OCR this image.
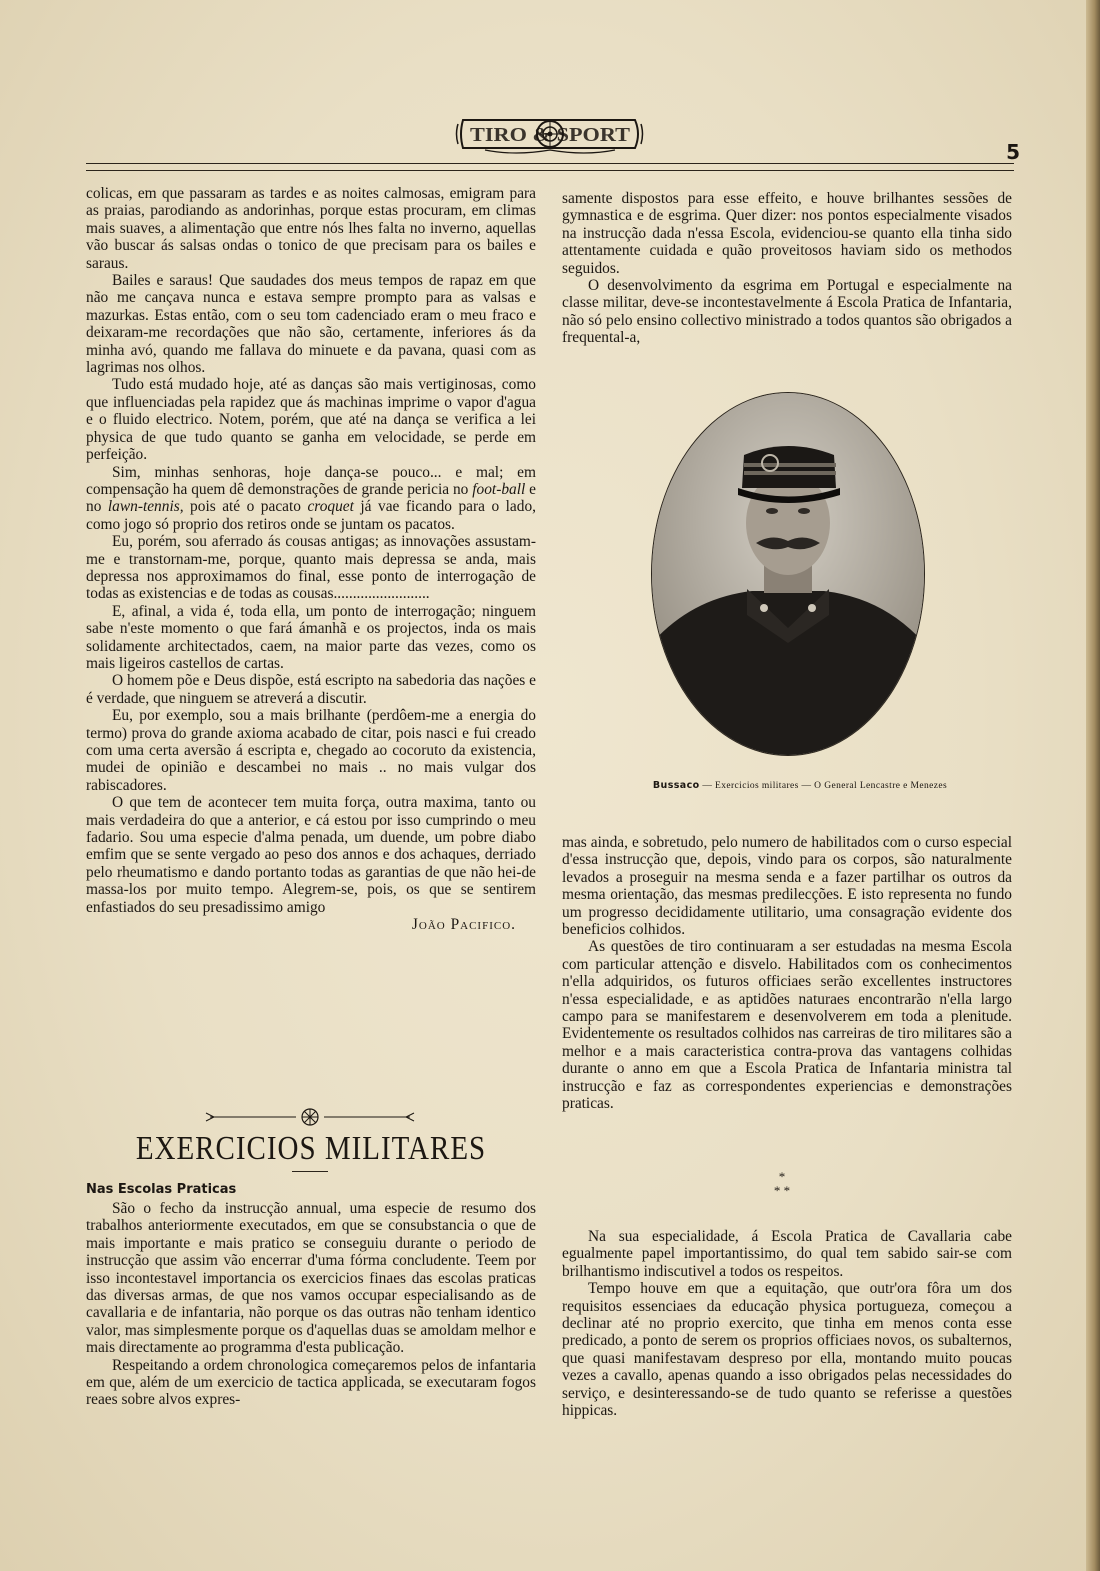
TIRO & SPORT
5

colicas, em que passaram as tardes e as noites calmosas, emigram para as praias, parodiando as andorinhas, porque estas procuram, em climas mais suaves, a alimentação que entre nós lhes falta no inverno, aquellas vão buscar ás salsas ondas o tonico de que precisam para os bailes e saraus.

Bailes e saraus! Que saudades dos meus tempos de rapaz em que não me cançava nunca e estava sempre prompto para as valsas e mazurkas. Estas então, com o seu tom cadenciado eram o meu fraco e deixaram-me recordações que não são, certamente, inferiores ás da minha avó, quando me fallava do minuete e da pavana, quasi com as lagrimas nos olhos.

Tudo está mudado hoje, até as danças são mais vertiginosas, como que influenciadas pela rapidez que ás machinas imprime o vapor d'agua e o fluido electrico. Notem, porém, que até na dança se verifica a lei physica de que tudo quanto se ganha em velocidade, se perde em perfeição.

Sim, minhas senhoras, hoje dança-se pouco... e mal; em compensação ha quem dê demonstrações de grande pericia no foot-ball e no lawn-tennis, pois até o pacato croquet já vae ficando para o lado, como jogo só proprio dos retiros onde se juntam os pacatos.

Eu, porém, sou aferrado ás cousas antigas; as innovações assustam-me e transtornam-me, porque, quanto mais depressa se anda, mais depressa nos approximamos do final, esse ponto de interrogação de todas as existencias e de todas as cousas.........................

E, afinal, a vida é, toda ella, um ponto de interrogação; ninguem sabe n'este momento o que fará ámanhã e os projectos, inda os mais solidamente architectados, caem, na maior parte das vezes, como os mais ligeiros castellos de cartas.

O homem põe e Deus dispõe, está escripto na sabedoria das nações e é verdade, que ninguem se atreverá a discutir.

Eu, por exemplo, sou a mais brilhante (perdôem-me a energia do termo) prova do grande axioma acabado de citar, pois nasci e fui creado com uma certa aversão á escripta e, chegado ao cocoruto da existencia, mudei de opinião e descambei no mais .. no mais vulgar dos rabiscadores.

O que tem de acontecer tem muita força, outra maxima, tanto ou mais verdadeira do que a anterior, e cá estou por isso cumprindo o meu fadario. Sou uma especie d'alma penada, um duende, um pobre diabo emfim que se sente vergado ao peso dos annos e dos achaques, derriado pelo rheumatismo e dando portanto todas as garantias de que não hei-de massa-los por muito tempo. Alegrem-se, pois, os que se sentirem enfastiados do seu presadissimo amigo

João Pacifico.

EXERCICIOS MILITARES
Nas Escolas Praticas

São o fecho da instrucção annual, uma especie de resumo dos trabalhos anteriormente executados, em que se consubstancia o que de mais importante e mais pratico se conseguiu durante o periodo de instrucção que assim vão encerrar d'uma fórma concludente. Teem por isso incontestavel importancia os exercicios finaes das escolas praticas das diversas armas, de que nos vamos occupar especialisando as de cavallaria e de infantaria, não porque os das outras não tenham identico valor, mas simplesmente porque os d'aquellas duas se amoldam melhor e mais directamente ao programma d'esta publicação.

Respeitando a ordem chronologica começaremos pelos de infantaria em que, além de um exercicio de tactica applicada, se executaram fogos reaes sobre alvos expres-

samente dispostos para esse effeito, e houve brilhantes sessões de gymnastica e de esgrima. Quer dizer: nos pontos especialmente visados na instrucção dada n'essa Escola, evidenciou-se quanto ella tinha sido attentamente cuidada e quão proveitosos haviam sido os methodos seguidos.

O desenvolvimento da esgrima em Portugal e especialmente na classe militar, deve-se incontestavelmente á Escola Pratica de Infantaria, não só pelo ensino collectivo ministrado a todos quantos são obrigados a frequental-a,

Bussaco — Exercicios militares — O General Lencastre e Menezes

mas ainda, e sobretudo, pelo numero de habilitados com o curso especial d'essa instrucção que, depois, vindo para os corpos, são naturalmente levados a proseguir na mesma senda e a fazer partilhar os outros da mesma orientação, das mesmas predilecções. E isto representa no fundo um progresso decididamente utilitario, uma consagração evidente dos beneficios colhidos.

As questões de tiro continuaram a ser estudadas na mesma Escola com particular attenção e disvelo. Habilitados com os conhecimentos n'ella adquiridos, os futuros officiaes serão excellentes instructores n'essa especialidade, e as aptidões naturaes encontrarão n'ella largo campo para se manifestarem e desenvolverem em toda a plenitude. Evidentemente os resultados colhidos nas carreiras de tiro militares são a melhor e a mais caracteristica contra-prova das vantagens colhidas durante o anno em que a Escola Pratica de Infantaria ministra tal instrucção e faz as correspondentes experiencias e demonstrações praticas.

*
* *

Na sua especialidade, á Escola Pratica de Cavallaria cabe egualmente papel importantissimo, do qual tem sabido sair-se com brilhantismo indiscutivel a todos os respeitos.

Tempo houve em que a equitação, que outr'ora fôra um dos requisitos essenciaes da educação physica portugueza, começou a declinar até no proprio exercito, que tinha em menos conta esse predicado, a ponto de serem os proprios officiaes novos, os subalternos, que quasi manifestavam despreso por ella, montando muito poucas vezes a cavallo, apenas quando a isso obrigados pelas necessidades do serviço, e desinteressando-se de tudo quanto se referisse a questões hippicas.
